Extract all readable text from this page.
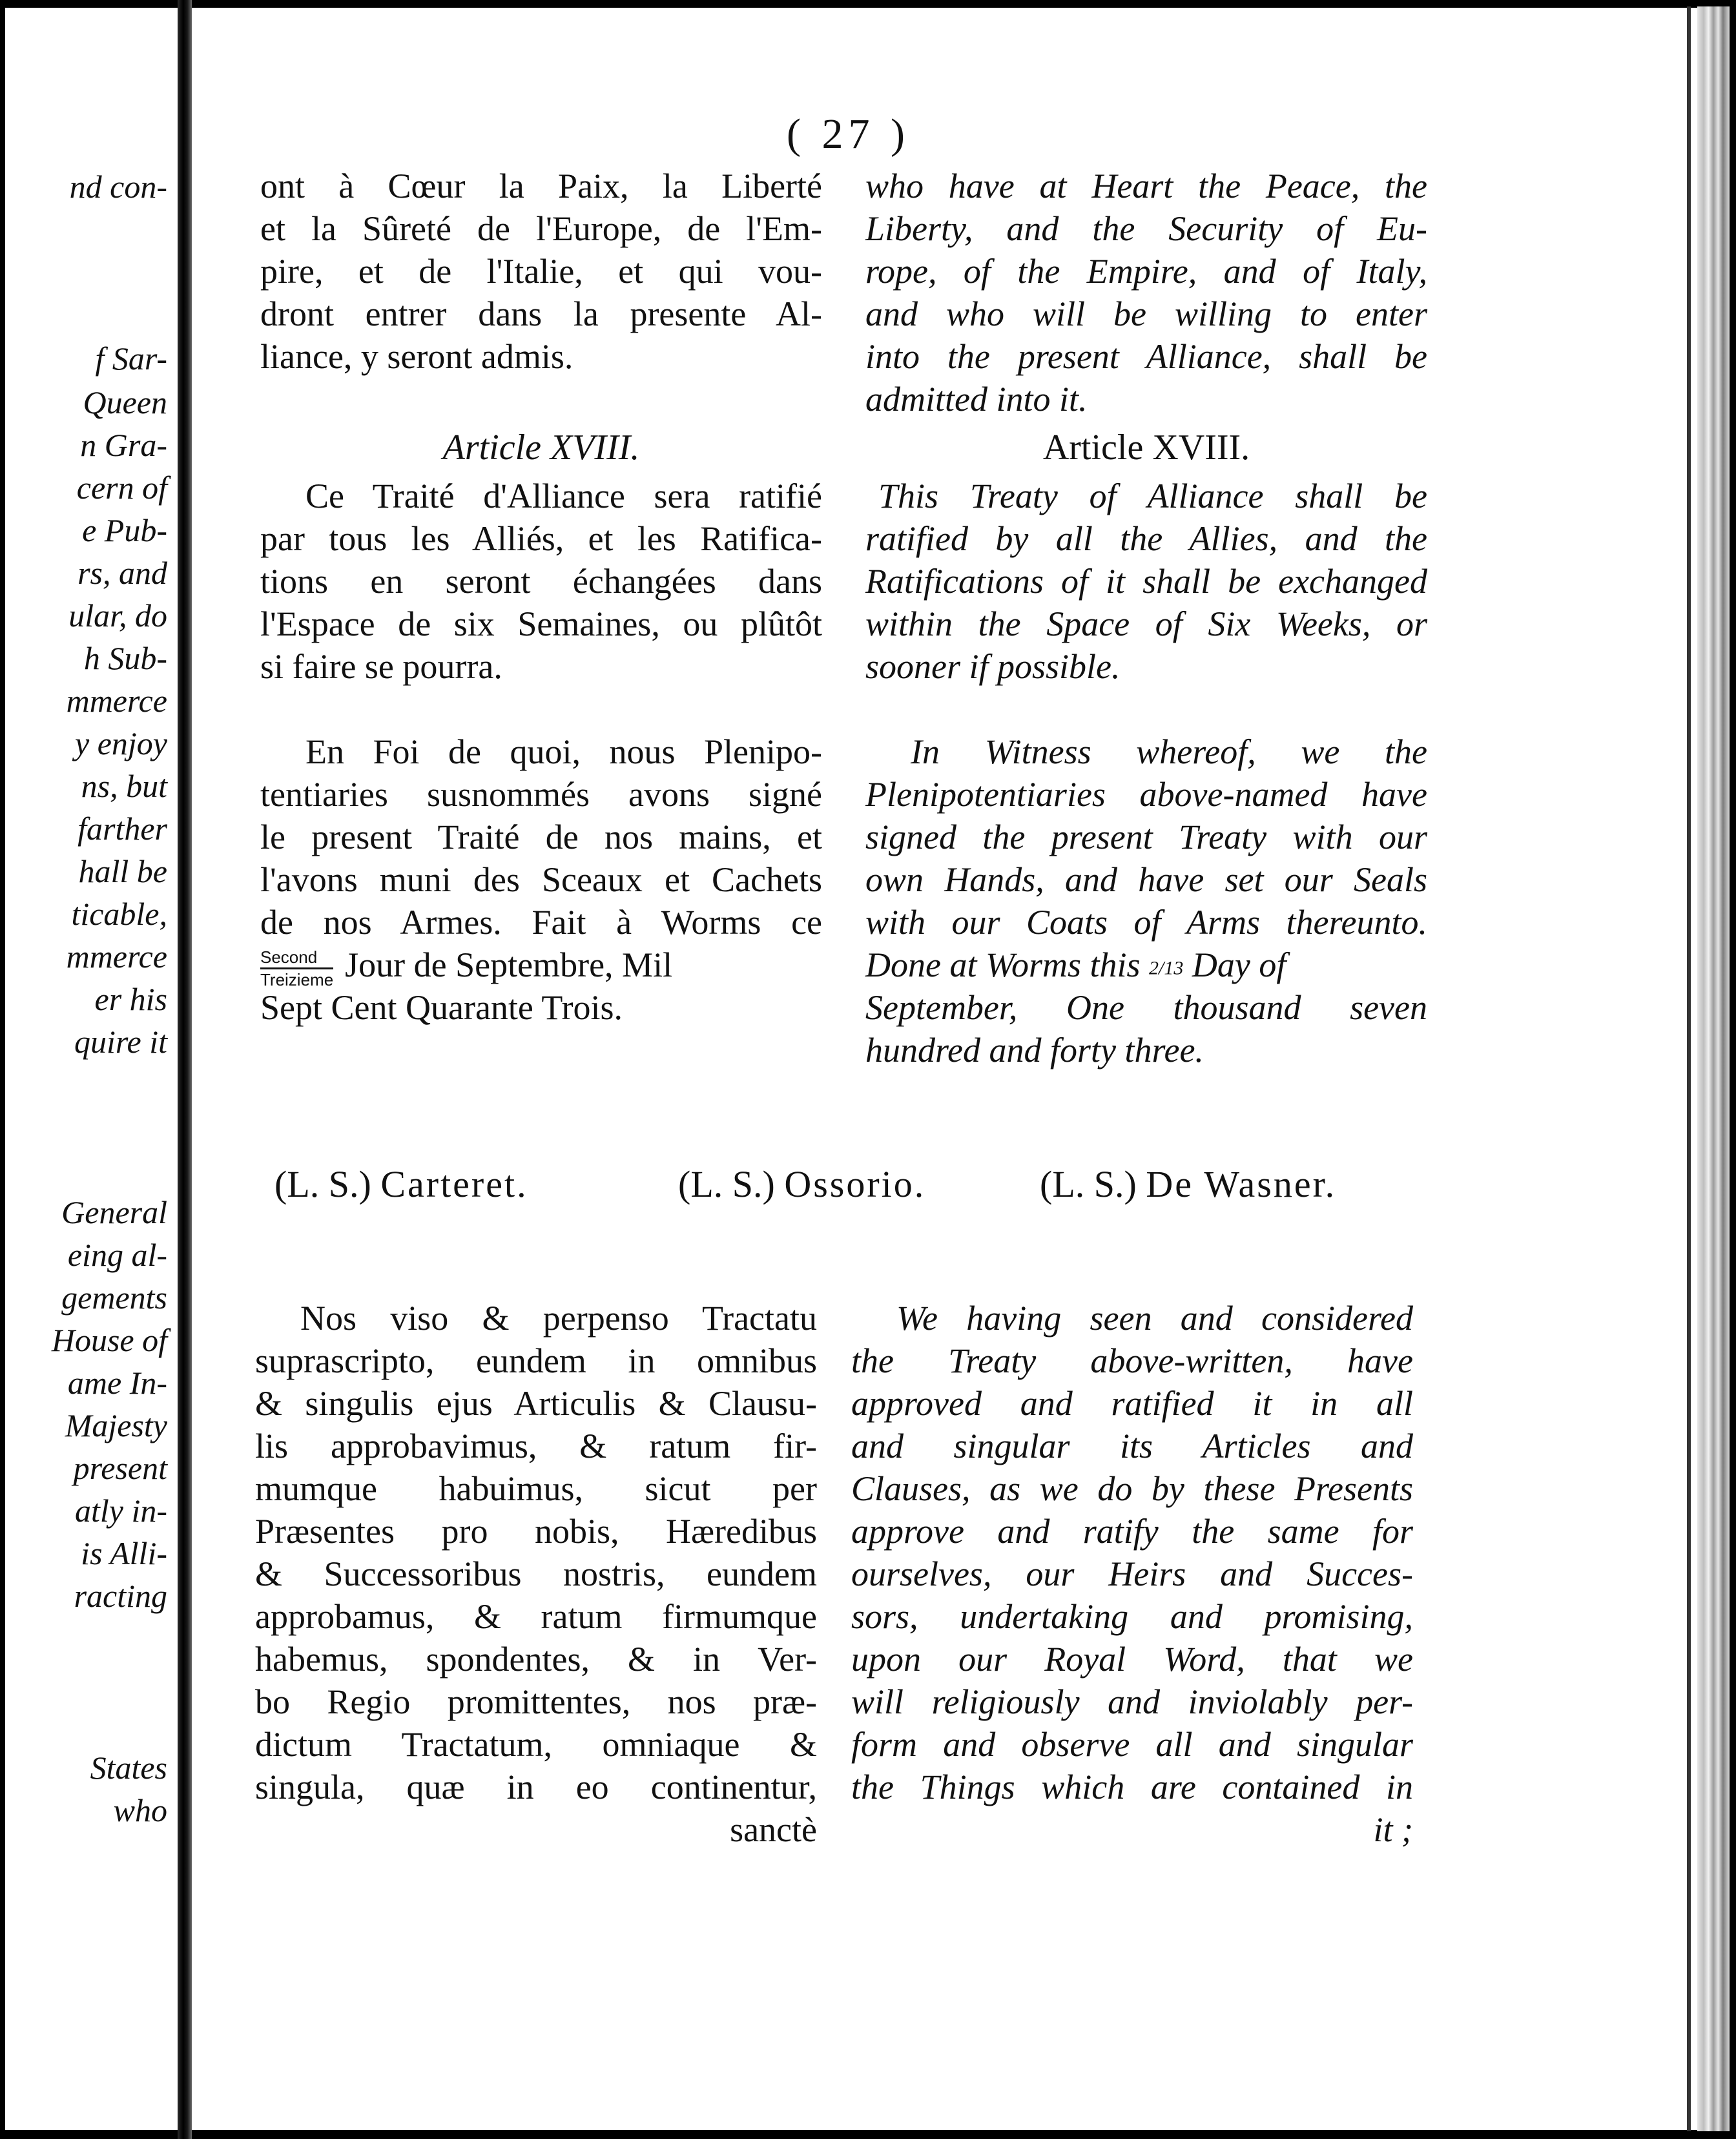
nd con-
f Sar-
Queen
n Gra-
cern of
e Pub-
rs, and
ular, do
h Sub-
mmerce
y enjoy
ns, but
farther
hall be
ticable,
mmerce
er his
quire it
General
eing al-
gements
House of
ame In-
Majesty
present
atly in-
is Alli-
racting
States
who
( 27 )
ont à Cœur la Paix, la Liberté
et la Sûreté de l'Europe, de l'Em-
pire, et de l'Italie, et qui vou-
dront entrer dans la presente Al-
liance, y seront admis.
Article XVIII.
Ce Traité d'Alliance sera ratifié
par tous les Alliés, et les Ratifica-
tions en seront échangées dans
l'Espace de six Semaines, ou plûtôt
si faire se pourra.
En Foi de quoi, nous Plenipo-
tentiaries susnommés avons signé
le present Traité de nos mains, et
l'avons muni des Sceaux et Cachets
de nos Armes. Fait à Worms ce
$\frac{\text{Second}}{\text{Treizieme}}$ Jour de Septembre, Mil
Sept Cent Quarante Trois.
who have at Heart the Peace, the
Liberty, and the Security of Eu-
rope, of the Empire, and of Italy,
and who will be willing to enter
into the present Alliance, shall be
admitted into it.
Article XVIII.
This Treaty of Alliance shall be
ratified by all the Allies, and the
Ratifications of it shall be exchanged
within the Space of Six Weeks, or
sooner if possible.
In Witness whereof, we the
Plenipotentiaries above-named have
signed the present Treaty with our
own Hands, and have set our Seals
with our Coats of Arms thereunto.
Done at Worms this 2/13 Day of
September, One thousand seven
hundred and forty three.
(L. S.) Carteret.	(L. S.) Ossorio.	(L. S.) De Wasner.
Nos viso & perpenso Tractatu
suprascripto, eundem in omnibus
& singulis ejus Articulis & Clausu-
lis approbavimus, & ratum fir-
mumque habuimus, sicut per
Præsentes pro nobis, Hæredibus
& Successoribus nostris, eundem
approbamus, & ratum firmumque
habemus, spondentes, & in Ver-
bo Regio promittentes, nos præ-
dictum Tractatum, omniaque &
singula, quæ in eo continentur,
sanctè
We having seen and considered
the Treaty above-written, have
approved and ratified it in all
and singular its Articles and
Clauses, as we do by these Presents
approve and ratify the same for
ourselves, our Heirs and Succes-
sors, undertaking and promising,
upon our Royal Word, that we
will religiously and inviolably per-
form and observe all and singular
the Things which are contained in
it ;
